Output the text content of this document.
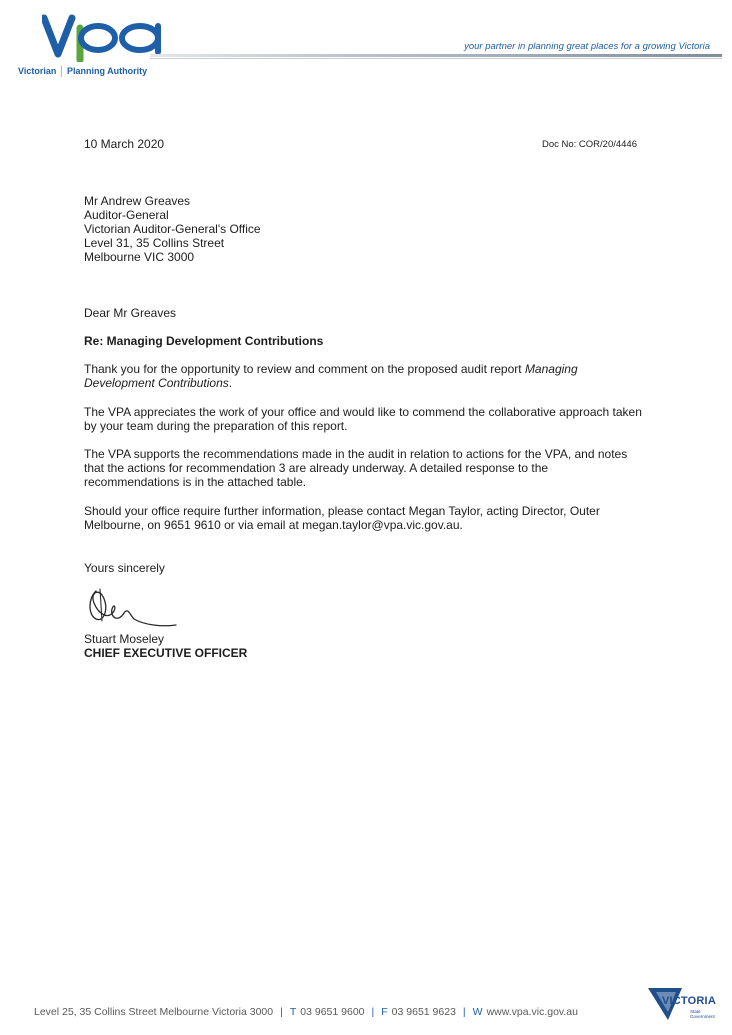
Victorian │ Planning Authority
your partner in planning great places for a growing Victoria
10 March 2020	Doc No: COR/20/4446
Mr Andrew Greaves
Auditor-General
Victorian Auditor-General's Office
Level 31, 35 Collins Street
Melbourne VIC 3000
Dear Mr Greaves
Re: Managing Development Contributions
Thank you for the opportunity to review and comment on the proposed audit report Managing Development Contributions.
The VPA appreciates the work of your office and would like to commend the collaborative approach taken by your team during the preparation of this report.
The VPA supports the recommendations made in the audit in relation to actions for the VPA, and notes that the actions for recommendation 3 are already underway. A detailed response to the recommendations is in the attached table.
Should your office require further information, please contact Megan Taylor, acting Director, Outer Melbourne, on 9651 9610 or via email at megan.taylor@vpa.vic.gov.au.
Yours sincerely
Stuart Moseley
CHIEF EXECUTIVE OFFICER
Level 25, 35 Collins Street Melbourne Victoria 3000 | T 03 9651 9600 | F 03 9651 9623 | W www.vpa.vic.gov.au
VICTORIA
State
Government
